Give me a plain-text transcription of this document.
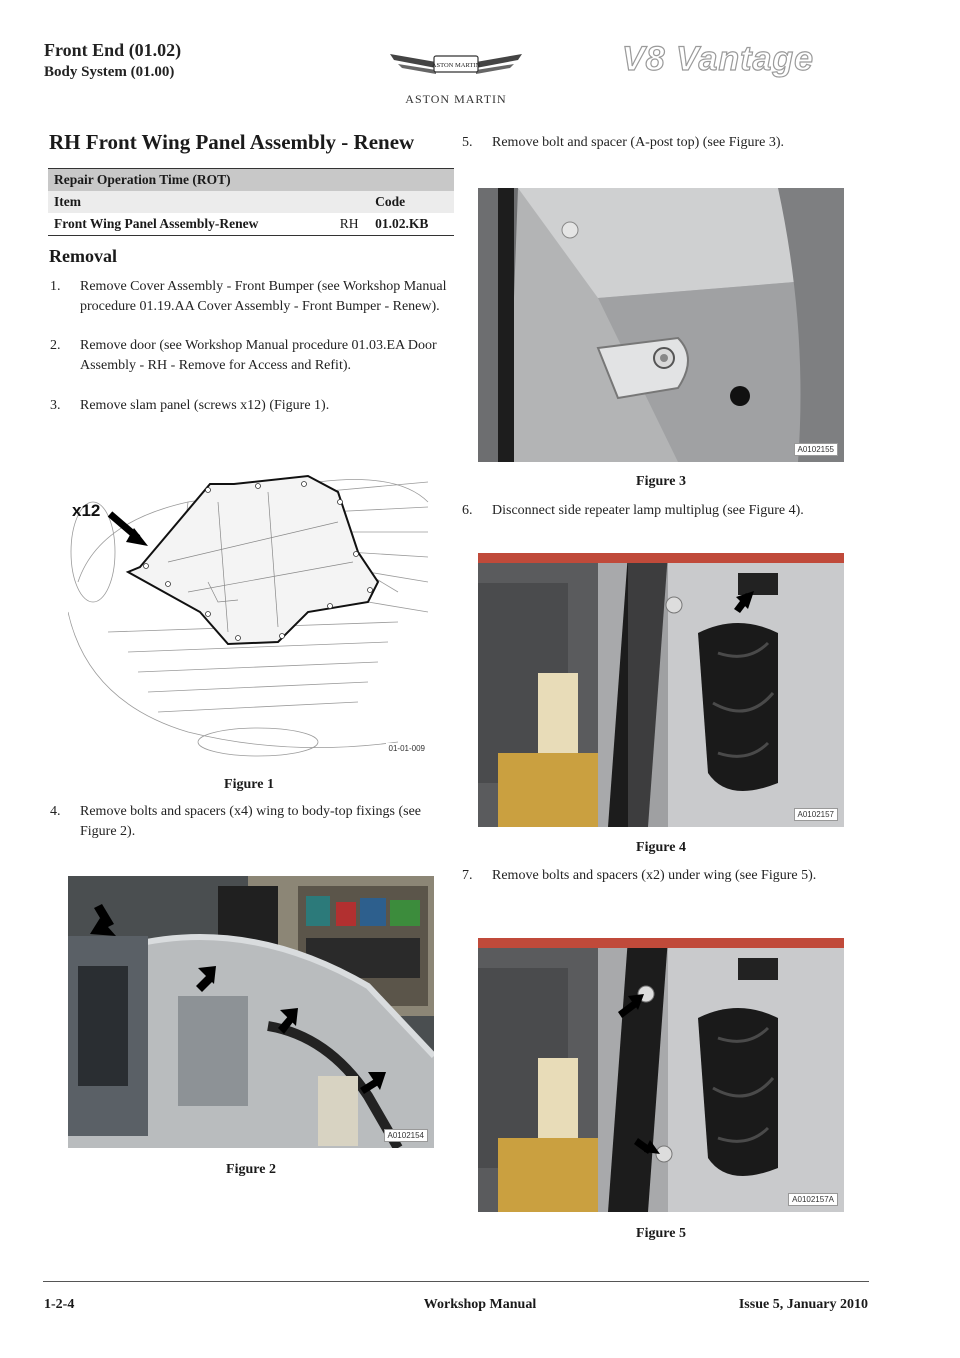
Front End (01.02)
Body System (01.00)	ASTON MARTIN
ASTON MARTIN
V8 Vantage
RH Front Wing Panel Assembly - Renew
Repair Operation Time (ROT)		
Item		Code
Front Wing Panel Assembly-Renew	RH	01.02.KB
Removal
1.	Remove Cover Assembly - Front Bumper (see Workshop Manual procedure 01.19.AA Cover Assembly - Front Bumper - Renew).
2.	Remove door (see Workshop Manual procedure 01.03.EA Door Assembly - RH - Remove for Access and Refit).
3.	Remove slam panel (screws x12) (Figure 1).
x12
01-01-009
Figure 1
4.	Remove bolts and spacers (x4) wing to body-top fixings (see Figure 2).
A0102154
Figure 2
5.	Remove bolt and spacer (A-post top) (see Figure 3).
A0102155
Figure 3
6.	Disconnect side repeater lamp multiplug (see Figure 4).
A0102157
Figure 4
7.	Remove bolts and spacers (x2) under wing (see Figure 5).
A0102157A
Figure 5
1-2-4	Workshop Manual	Issue 5, January 2010
